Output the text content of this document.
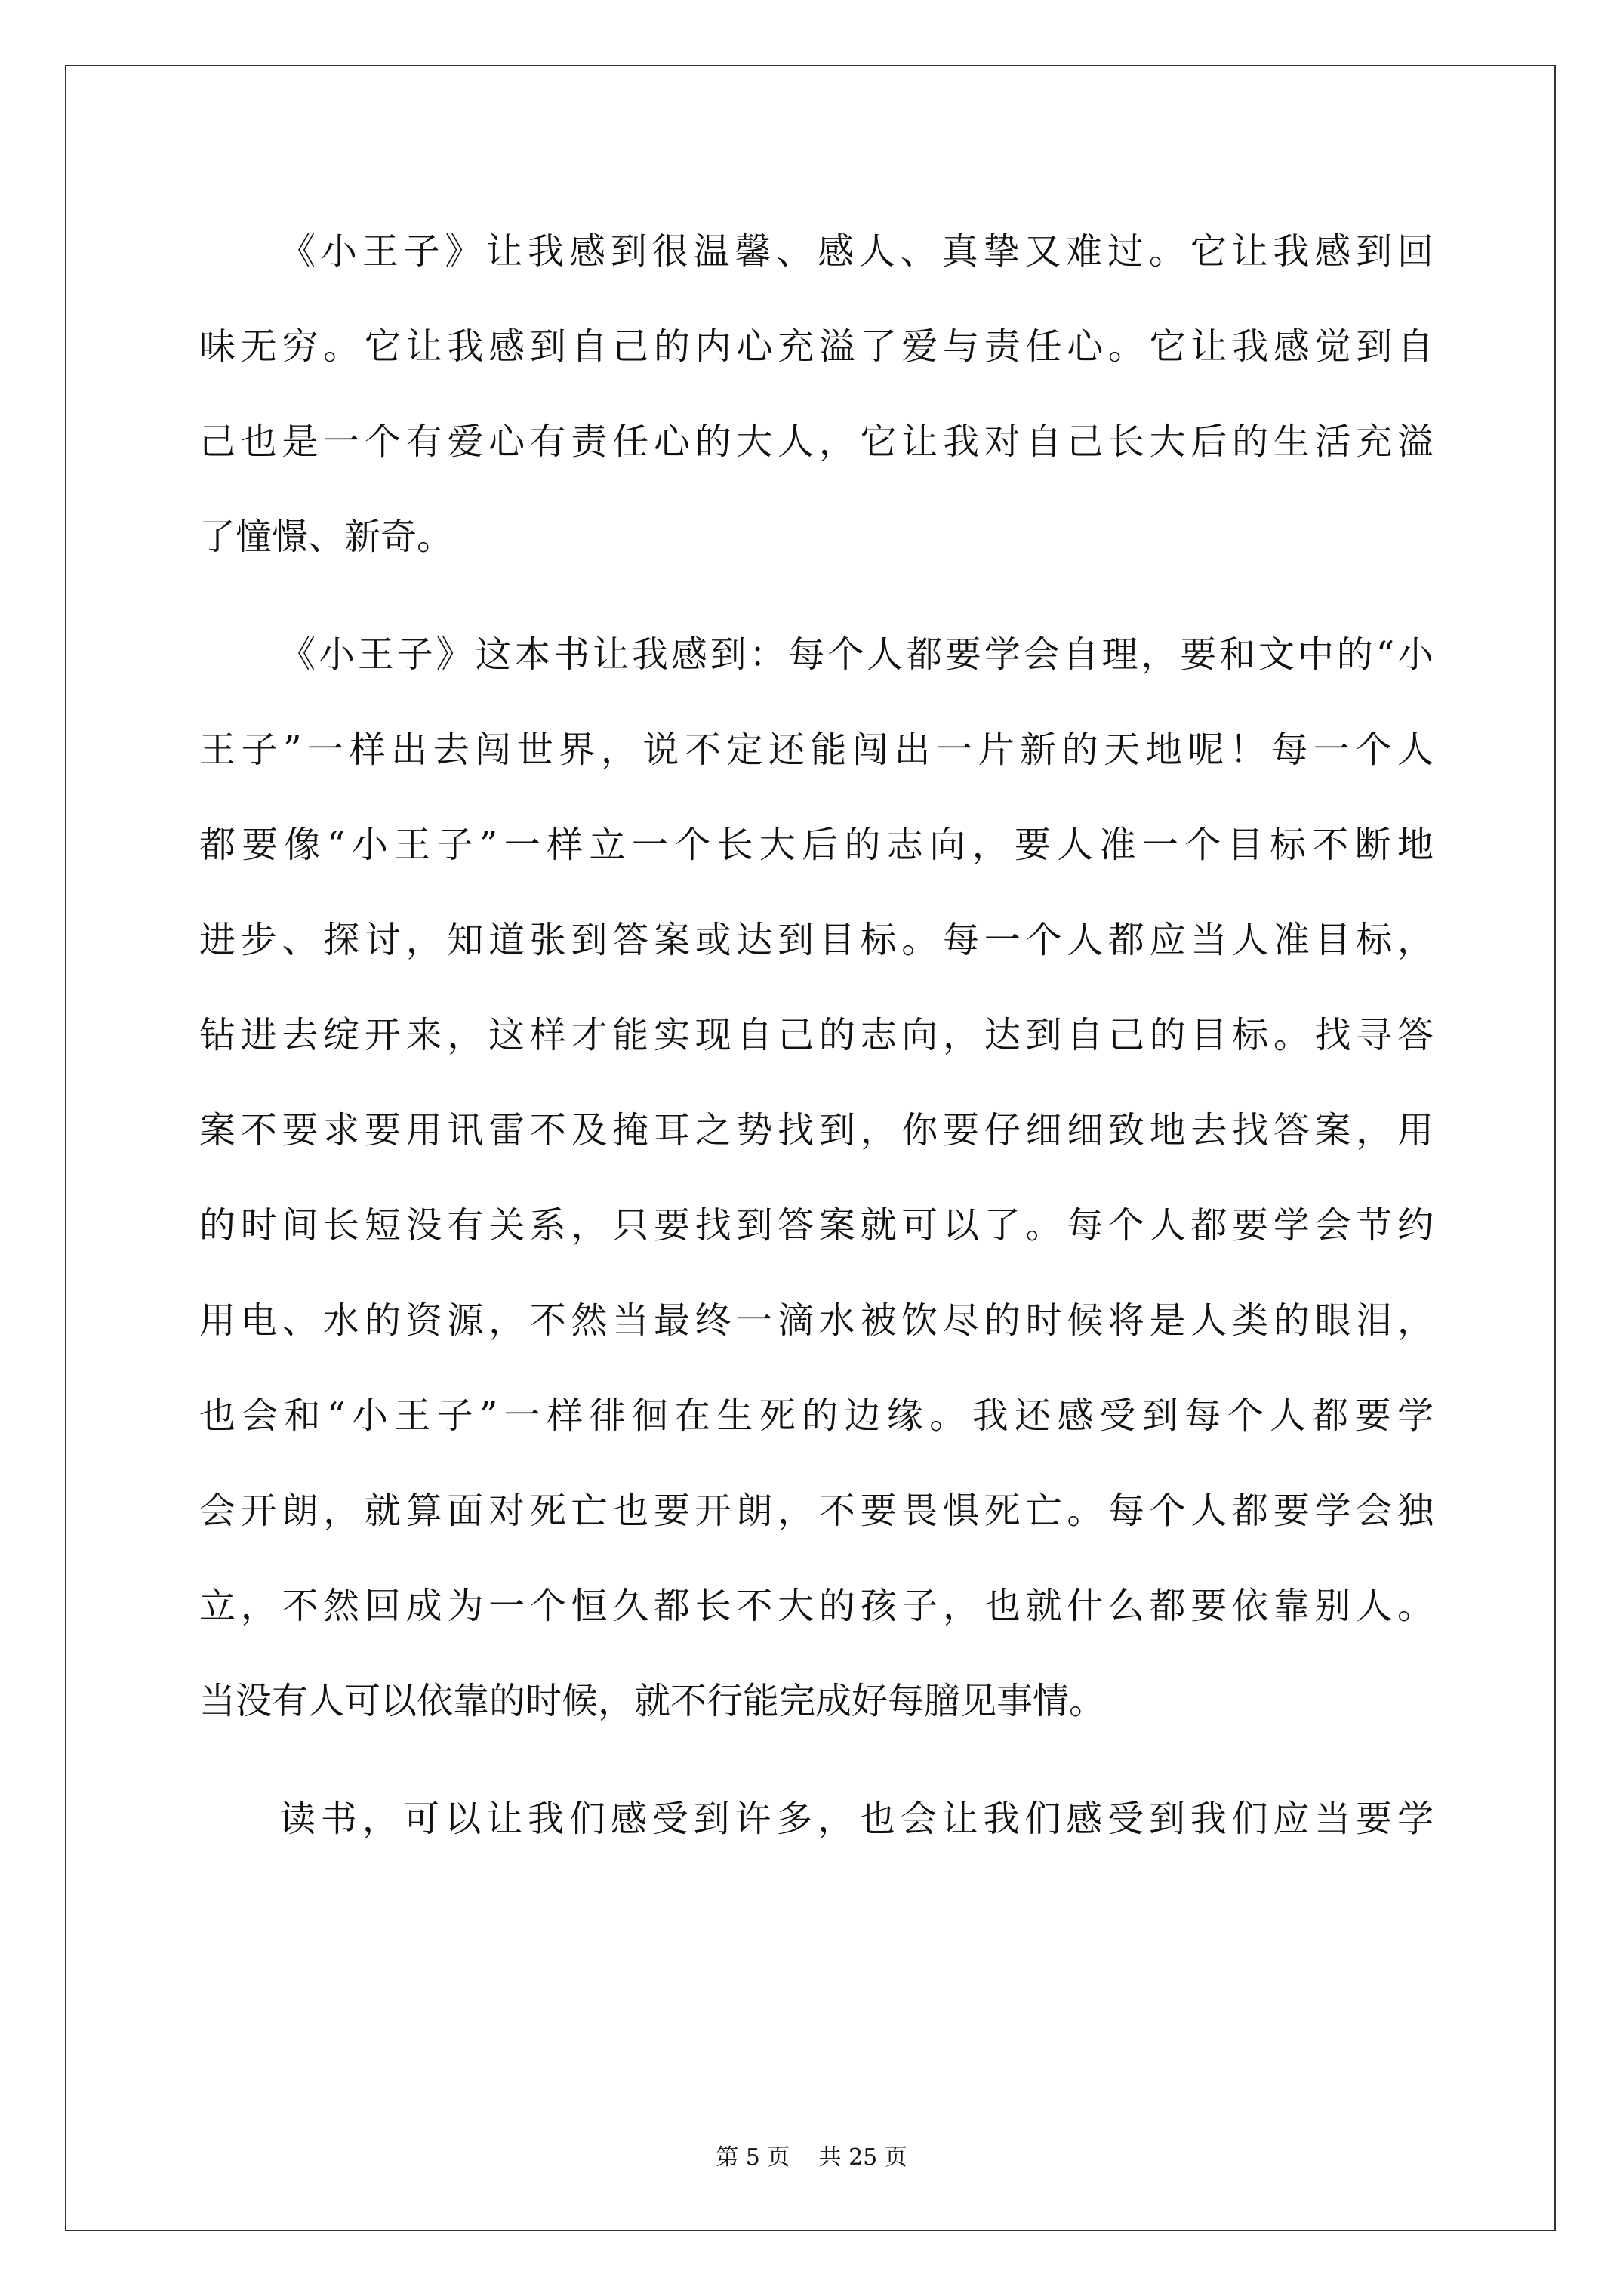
《小王子》让我感到很温馨、感人、真挚又难过。它让我感到回
味无穷。它让我感到自己的内心充溢了爱与责任心。它让我感觉到自
己也是一个有爱心有责任心的大人，它让我对自己长大后的生活充溢
了憧憬、新奇。
《小王子》这本书让我感到：每个人都要学会自理，要和文中的“小
王子”一样出去闯世界，说不定还能闯出一片新的天地呢！每一个人
都要像“小王子”一样立一个长大后的志向，要人准一个目标不断地
进步、探讨，知道张到答案或达到目标。每一个人都应当人准目标，
钻进去绽开来，这样才能实现自己的志向，达到自己的目标。找寻答
案不要求要用讯雷不及掩耳之势找到，你要仔细细致地去找答案，用
的时间长短没有关系，只要找到答案就可以了。每个人都要学会节约
用电、水的资源，不然当最终一滴水被饮尽的时候将是人类的眼泪，
也会和“小王子”一样徘徊在生死的边缘。我还感受到每个人都要学
会开朗，就算面对死亡也要开朗，不要畏惧死亡。每个人都要学会独
立，不然回成为一个恒久都长不大的孩子，也就什么都要依靠别人。
当没有人可以依靠的时候，就不行能完成好每膪见事情。
读书，可以让我们感受到许多，也会让我们感受到我们应当要学
第 5 页 共 25 页
